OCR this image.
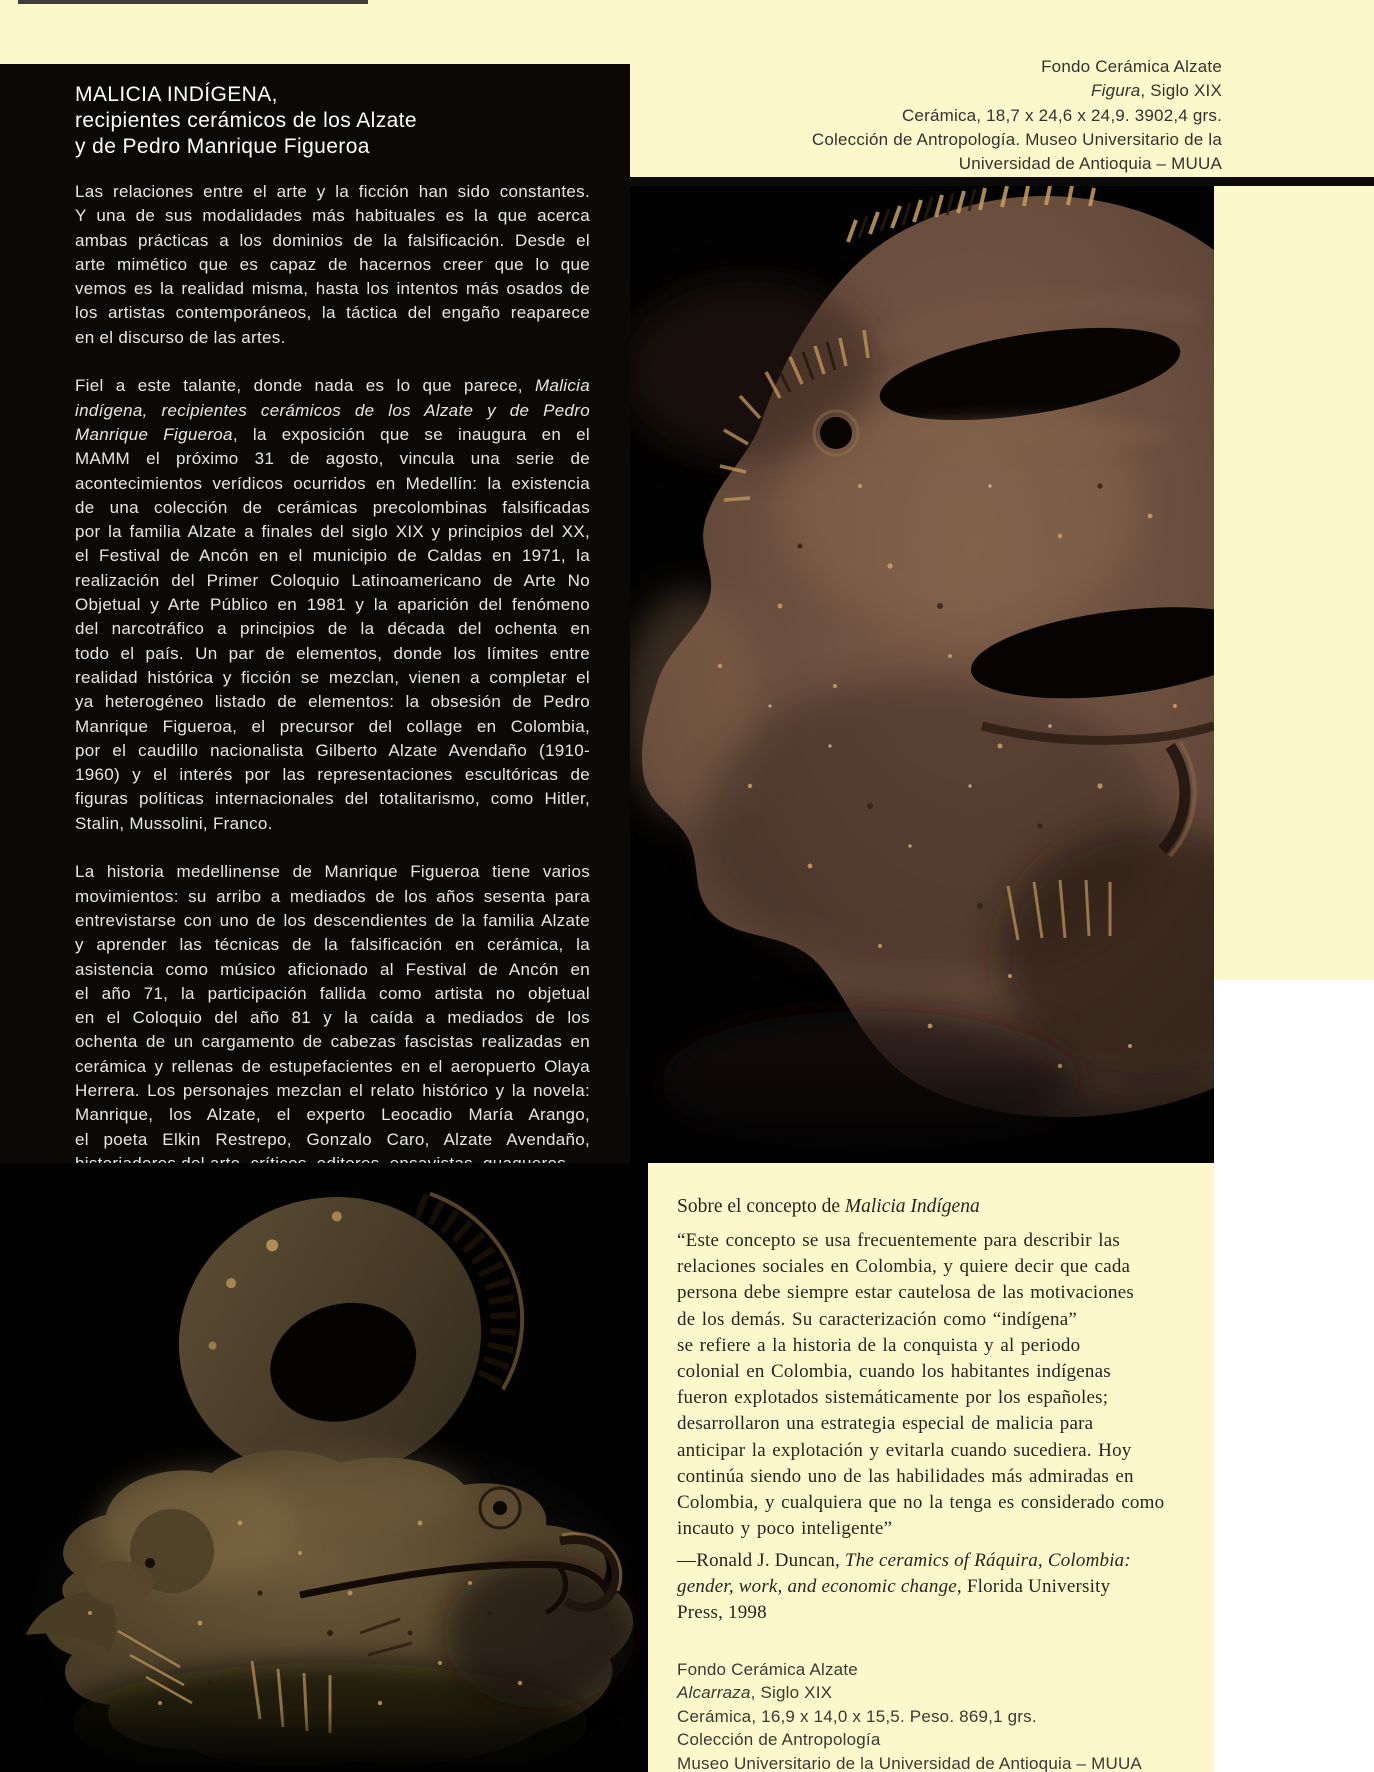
Fondo Cerámica Alzate
Figura, Siglo XIX
Cerámica, 18,7 x 24,6 x 24,9. 3902,4 grs.
Colección de Antropología. Museo Universitario de la
Universidad de Antioquia – MUUA
MALICIA INDÍGENA,
recipientes cerámicos de los Alzate
y de Pedro Manrique Figueroa
Las relaciones entre el arte y la ficción han sido constantes.
Y una de sus modalidades más habituales es la que acerca
ambas prácticas a los dominios de la falsificación. Desde el
arte mimético que es capaz de hacernos creer que lo que
vemos es la realidad misma, hasta los intentos más osados de
los artistas contemporáneos, la táctica del engaño reaparece
en el discurso de las artes.
Fiel a este talante, donde nada es lo que parece, Malicia
indígena, recipientes cerámicos de los Alzate y de Pedro
Manrique Figueroa, la exposición que se inaugura en el
MAMM el próximo 31 de agosto, vincula una serie de
acontecimientos verídicos ocurridos en Medellín: la existencia
de una colección de cerámicas precolombinas falsificadas
por la familia Alzate a finales del siglo XIX y principios del XX,
el Festival de Ancón en el municipio de Caldas en 1971, la
realización del Primer Coloquio Latinoamericano de Arte No
Objetual y Arte Público en 1981 y la aparición del fenómeno
del narcotráfico a principios de la década del ochenta en
todo el país. Un par de elementos, donde los límites entre
realidad histórica y ficción se mezclan, vienen a completar el
ya heterogéneo listado de elementos: la obsesión de Pedro
Manrique Figueroa, el precursor del collage en Colombia,
por el caudillo nacionalista Gilberto Alzate Avendaño (1910-
1960) y el interés por las representaciones escultóricas de
figuras políticas internacionales del totalitarismo, como Hitler,
Stalin, Mussolini, Franco.
La historia medellinense de Manrique Figueroa tiene varios
movimientos: su arribo a mediados de los años sesenta para
entrevistarse con uno de los descendientes de la familia Alzate
y aprender las técnicas de la falsificación en cerámica, la
asistencia como músico aficionado al Festival de Ancón en
el año 71, la participación fallida como artista no objetual
en el Coloquio del año 81 y la caída a mediados de los
ochenta de un cargamento de cabezas fascistas realizadas en
cerámica y rellenas de estupefacientes en el aeropuerto Olaya
Herrera. Los personajes mezclan el relato histórico y la novela:
Manrique, los Alzate, el experto Leocadio María Arango,
el poeta Elkin Restrepo, Gonzalo Caro, Alzate Avendaño,
Sobre el concepto de Malicia Indígena
“Este concepto se usa frecuentemente para describir las
relaciones sociales en Colombia, y quiere decir que cada
persona debe siempre estar cautelosa de las motivaciones
de los demás. Su caracterización como “indígena”
se refiere a la historia de la conquista y al periodo
colonial en Colombia, cuando los habitantes indígenas
fueron explotados sistemáticamente por los españoles;
desarrollaron una estrategia especial de malicia para
anticipar la explotación y evitarla cuando sucediera. Hoy
continúa siendo uno de las habilidades más admiradas en
Colombia, y cualquiera que no la tenga es considerado como
incauto y poco inteligente”
—Ronald J. Duncan, The ceramics of Ráquira, Colombia:
gender, work, and economic change, Florida University
Press, 1998
Fondo Cerámica Alzate
Alcarraza, Siglo XIX
Cerámica, 16,9 x 14,0 x 15,5. Peso. 869,1 grs.
Colección de Antropología
Museo Universitario de la Universidad de Antioquia – MUUA
